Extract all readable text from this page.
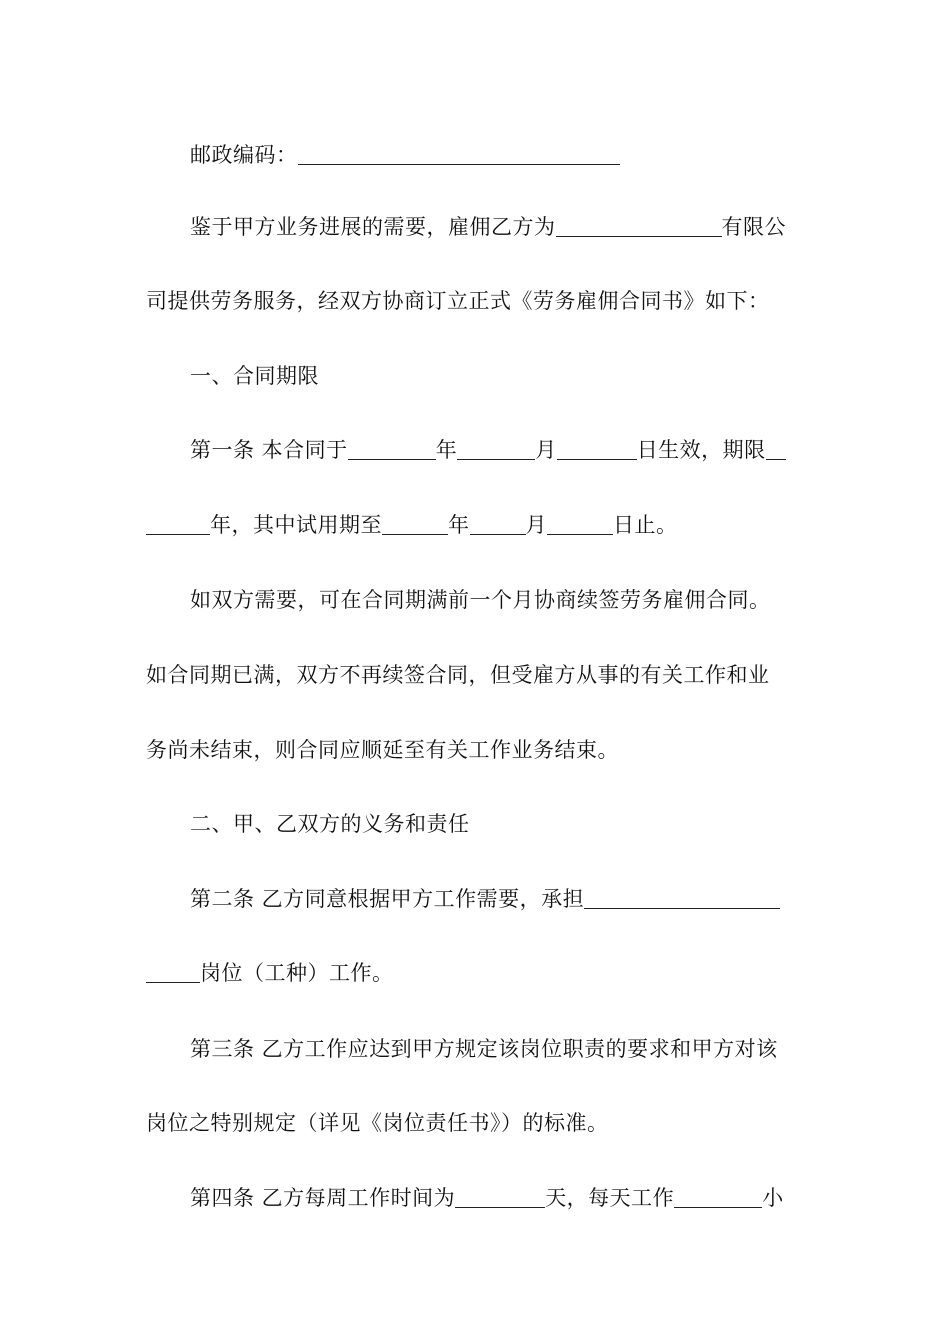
邮政编码：
鉴于甲方业务进展的需要，雇佣乙方为	有限公
司提供劳务服务，经双方协商订立正式《劳务雇佣合同书》如下：
一、合同期限
第一条 本合同于	年	月	日生效，期限
年，其中试用期至	年	月	日止。
如双方需要，可在合同期满前一个月协商续签劳务雇佣合同。
如合同期已满，双方不再续签合同，但受雇方从事的有关工作和业
务尚未结束，则合同应顺延至有关工作业务结束。
二、甲、乙双方的义务和责任
第二条 乙方同意根据甲方工作需要，承担
岗位（工种）工作。
第三条 乙方工作应达到甲方规定该岗位职责的要求和甲方对该
岗位之特别规定（详见《岗位责任书》）的标准。
第四条 乙方每周工作时间为	天，每天工作	小
